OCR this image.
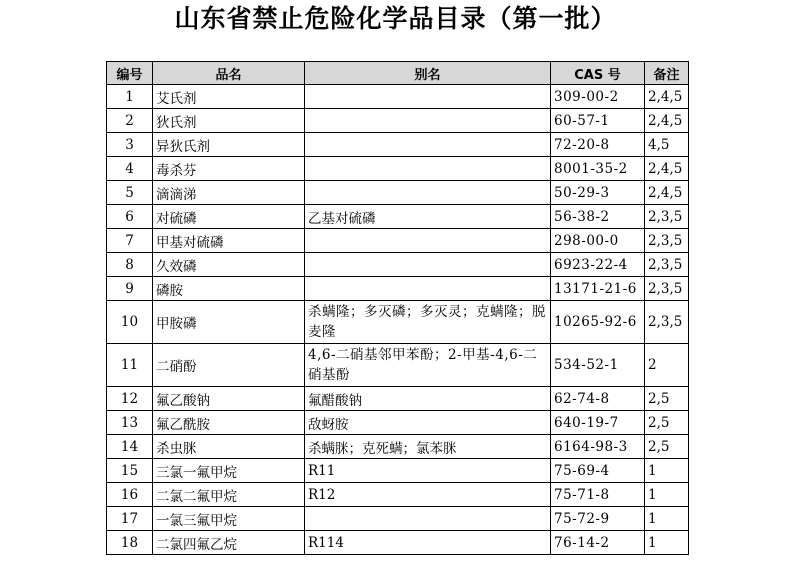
山东省禁止危险化学品目录（第一批）
编号	品名	别名	CAS 号	备注
1	艾氏剂		309-00-2	2,4,5
2	狄氏剂		60-57-1	2,4,5
3	异狄氏剂		72-20-8	4,5
4	毒杀芬		8001-35-2	2,4,5
5	滴滴涕		50-29-3	2,4,5
6	对硫磷	乙基对硫磷	56-38-2	2,3,5
7	甲基对硫磷		298-00-0	2,3,5
8	久效磷		6923-22-4	2,3,5
9	磷胺		13171-21-6	2,3,5
10	甲胺磷	杀螨隆；多灭磷；多灭灵；克螨隆；脱麦隆	10265-92-6	2,3,5
11	二硝酚	4,6-二硝基邻甲苯酚；2-甲基-4,6-二硝基酚	534-52-1	2
12	氟乙酸钠	氟醋酸钠	62-74-8	2,5
13	氟乙酰胺	敌蚜胺	640-19-7	2,5
14	杀虫脒	杀螨脒；克死螨；氯苯脒	6164-98-3	2,5
15	三氯一氟甲烷	R11	75-69-4	1
16	二氯二氟甲烷	R12	75-71-8	1
17	一氯三氟甲烷		75-72-9	1
18	二氯四氟乙烷	R114	76-14-2	1
